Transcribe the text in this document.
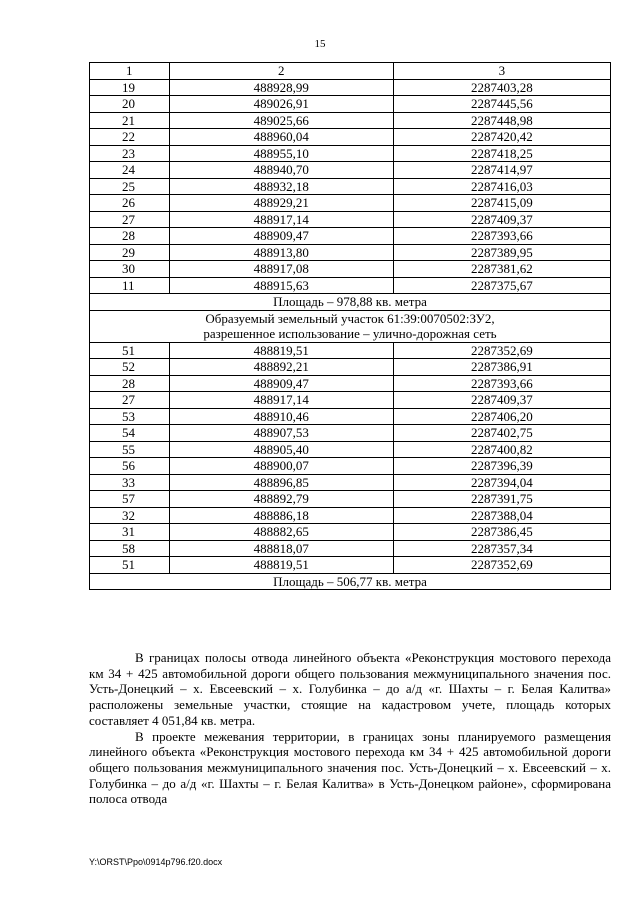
15
1	2	3
19	488928,99	2287403,28
20	489026,91	2287445,56
21	489025,66	2287448,98
22	488960,04	2287420,42
23	488955,10	2287418,25
24	488940,70	2287414,97
25	488932,18	2287416,03
26	488929,21	2287415,09
27	488917,14	2287409,37
28	488909,47	2287393,66
29	488913,80	2287389,95
30	488917,08	2287381,62
11	488915,63	2287375,67
Площадь – 978,88 кв. метра		

Образуемый земельный участок 61:39:0070502:ЗУ2,
разрешенное использование – улично-дорожная сеть		

51	488819,51	2287352,69
52	488892,21	2287386,91
28	488909,47	2287393,66
27	488917,14	2287409,37
53	488910,46	2287406,20
54	488907,53	2287402,75
55	488905,40	2287400,82
56	488900,07	2287396,39
33	488896,85	2287394,04
57	488892,79	2287391,75
32	488886,18	2287388,04
31	488882,65	2287386,45
58	488818,07	2287357,34
51	488819,51	2287352,69
Площадь – 506,77 кв. метра		

В границах полосы отвода линейного объекта «Реконструкция мостового перехода км 34 + 425 автомобильной дороги общего пользования межмуниципального значения пос. Усть-Донецкий – х. Евсеевский – х. Голубинка – до а/д «г. Шахты – г. Белая Калитва» расположены земельные участки, стоящие на кадастровом учете, площадь которых составляет 4 051,84 кв. метра.

В проекте межевания территории, в границах зоны планируемого размещения линейного объекта «Реконструкция мостового перехода км 34 + 425 автомобильной дороги общего пользования межмуниципального значения пос. Усть-Донецкий – х. Евсеевский – х. Голубинка – до а/д «г. Шахты – г. Белая Калитва» в Усть-Донецком районе», сформирована полоса отвода

Y:\ORST\Ppo\0914p796.f20.docx
